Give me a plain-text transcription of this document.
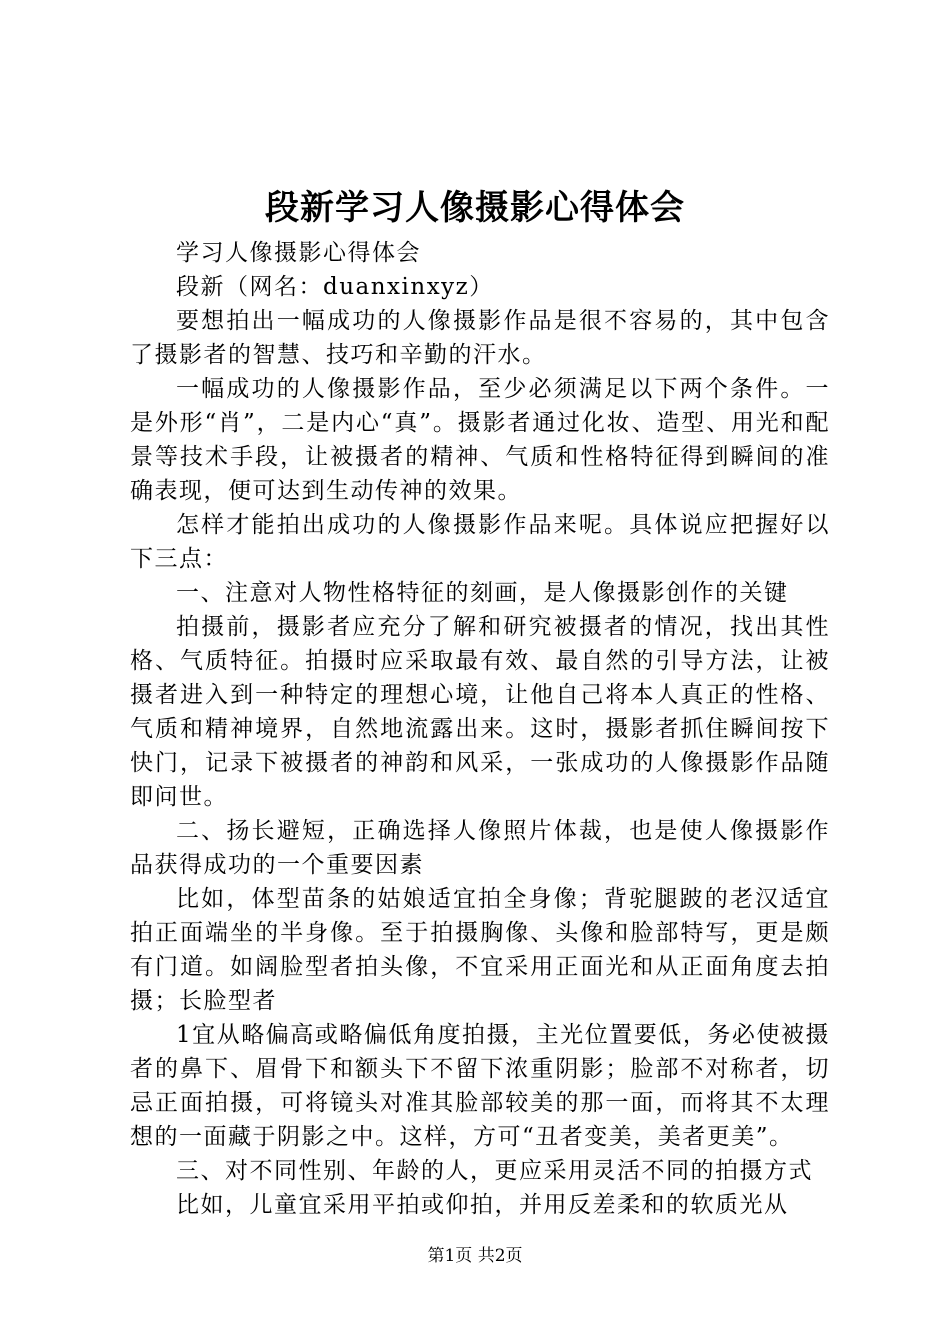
段新学习人像摄影心得体会

学习人像摄影心得体会

段新（网名：duanxinxyz）

要想拍出一幅成功的人像摄影作品是很不容易的，其中包含了摄影者的智慧、技巧和辛勤的汗水。

一幅成功的人像摄影作品，至少必须满足以下两个条件。一是外形“肖”，二是内心“真”。摄影者通过化妆、造型、用光和配景等技术手段，让被摄者的精神、气质和性格特征得到瞬间的准确表现，便可达到生动传神的效果。

怎样才能拍出成功的人像摄影作品来呢。具体说应把握好以下三点：

一、注意对人物性格特征的刻画，是人像摄影创作的关键

拍摄前，摄影者应充分了解和研究被摄者的情况，找出其性格、气质特征。拍摄时应采取最有效、最自然的引导方法，让被摄者进入到一种特定的理想心境，让他自己将本人真正的性格、气质和精神境界，自然地流露出来。这时，摄影者抓住瞬间按下快门，记录下被摄者的神韵和风采，一张成功的人像摄影作品随即问世。

二、扬长避短，正确选择人像照片体裁，也是使人像摄影作品获得成功的一个重要因素

比如，体型苗条的姑娘适宜拍全身像；背驼腿跛的老汉适宜拍正面端坐的半身像。至于拍摄胸像、头像和脸部特写，更是颇有门道。如阔脸型者拍头像，不宜采用正面光和从正面角度去拍摄；长脸型者

1宜从略偏高或略偏低角度拍摄，主光位置要低，务必使被摄者的鼻下、眉骨下和额头下不留下浓重阴影；脸部不对称者，切忌正面拍摄，可将镜头对准其脸部较美的那一面，而将其不太理想的一面藏于阴影之中。这样，方可“丑者变美，美者更美”。

三、对不同性别、年龄的人，更应采用灵活不同的拍摄方式

比如，儿童宜采用平拍或仰拍，并用反差柔和的软质光从

第1页 共2页
